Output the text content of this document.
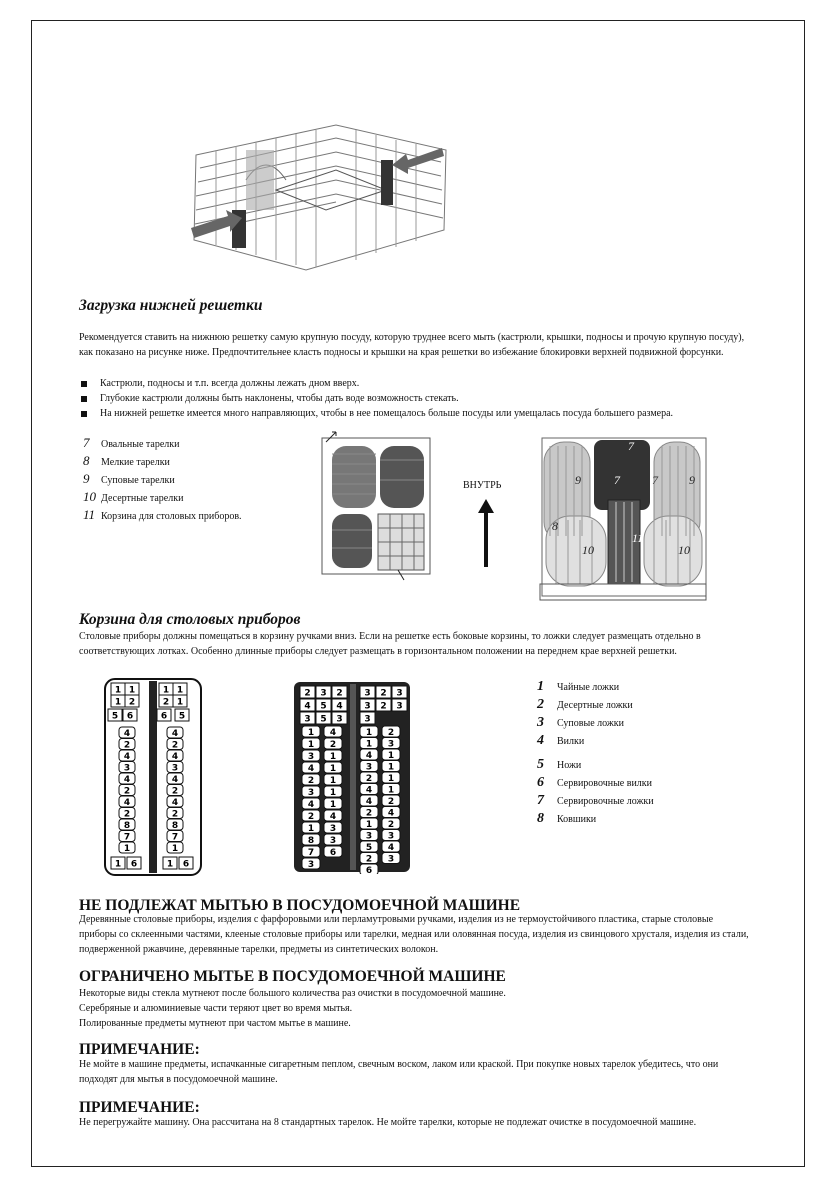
Загрузка нижней решетки
Рекомендуется ставить на нижнюю решетку самую крупную посуду, которую труднее всего мыть (кастрюли, крышки, подносы и прочую крупную посуду), как показано на рисунке ниже. Предпочтительнее класть подносы и крышки на края решетки во избежание блокировки верхней подвижной форсунки.
Кастрюли, подносы и т.п. всегда должны лежать дном вверх.
Глубокие кастрюли должны быть наклонены, чтобы дать воде возможность стекать.
На нижней решетке имеется много направляющих, чтобы в нее помещалось больше посуды или умещалась посуда большего размера.
7	Овальные тарелки
8	Мелкие тарелки
9	Суповые тарелки
10 Десертные тарелки
11 Корзина для столовых приборов.
ВНУТРЬ
7
7	7
9	9
8
10	10
11
Корзина для столовых приборов
Столовые приборы должны помещаться в корзину ручками вниз. Если на решетке есть боковые корзины, то ложки следует размещать отдельно в соответствующих лотках. Особенно длинные приборы следует размещать в горизонтальном положении на переднем крае верхней решетки.
1 1
1 2
5 6
1 1
2 1
6 5
4
2
4
3
4
2
4
2
8
7
1
4
2
4
3
4
2
4
2
8
7
1
1 6	1 6
2 3 2
4 5 4
3 5 3
3 2 3
3 2 3
3
1 4
1 2
3 1
4 1
2 1
3 1
4 1
2 4
1 3
8 3
7 6
3
1 2
1 3
4 1
3 1
2 1
4 1
4 2
2 4
1 2
3 3
5 4
2 3
6
1	Чайные ложки
2	Десертные ложки
3	Суповые ложки
4	Вилки
5	Ножи
6	Сервировочные вилки
7	Сервировочные ложки
8	Ковшики
НЕ ПОДЛЕЖАТ МЫТЬЮ В ПОСУДОМОЕЧНОЙ МАШИНЕ
Деревянные столовые приборы, изделия с фарфоровыми или перламутровыми ручками, изделия из не термоустойчивого пластика, старые столовые приборы со склеенными частями, клееные столовые приборы или тарелки, медная или оловянная посуда, изделия из свинцового хрусталя, изделия из стали, подверженной ржавчине, деревянные тарелки, предметы из синтетических волокон.
ОГРАНИЧЕНО МЫТЬЕ В ПОСУДОМОЕЧНОЙ МАШИНЕ
Некоторые виды стекла мутнеют после большого количества раз очистки в посудомоечной машине.
Серебряные и алюминиевые части теряют цвет во время мытья.
Полированные предметы мутнеют при частом мытье в машине.
ПРИМЕЧАНИЕ:
Не мойте в машине предметы, испачканные сигаретным пеплом, свечным воском, лаком или краской. При покупке новых тарелок убедитесь, что они подходят для мытья в посудомоечной машине.
ПРИМЕЧАНИЕ:
Не перегружайте машину. Она рассчитана на 8 стандартных тарелок. Не мойте тарелки, которые не подлежат очистке в посудомоечной машине.
